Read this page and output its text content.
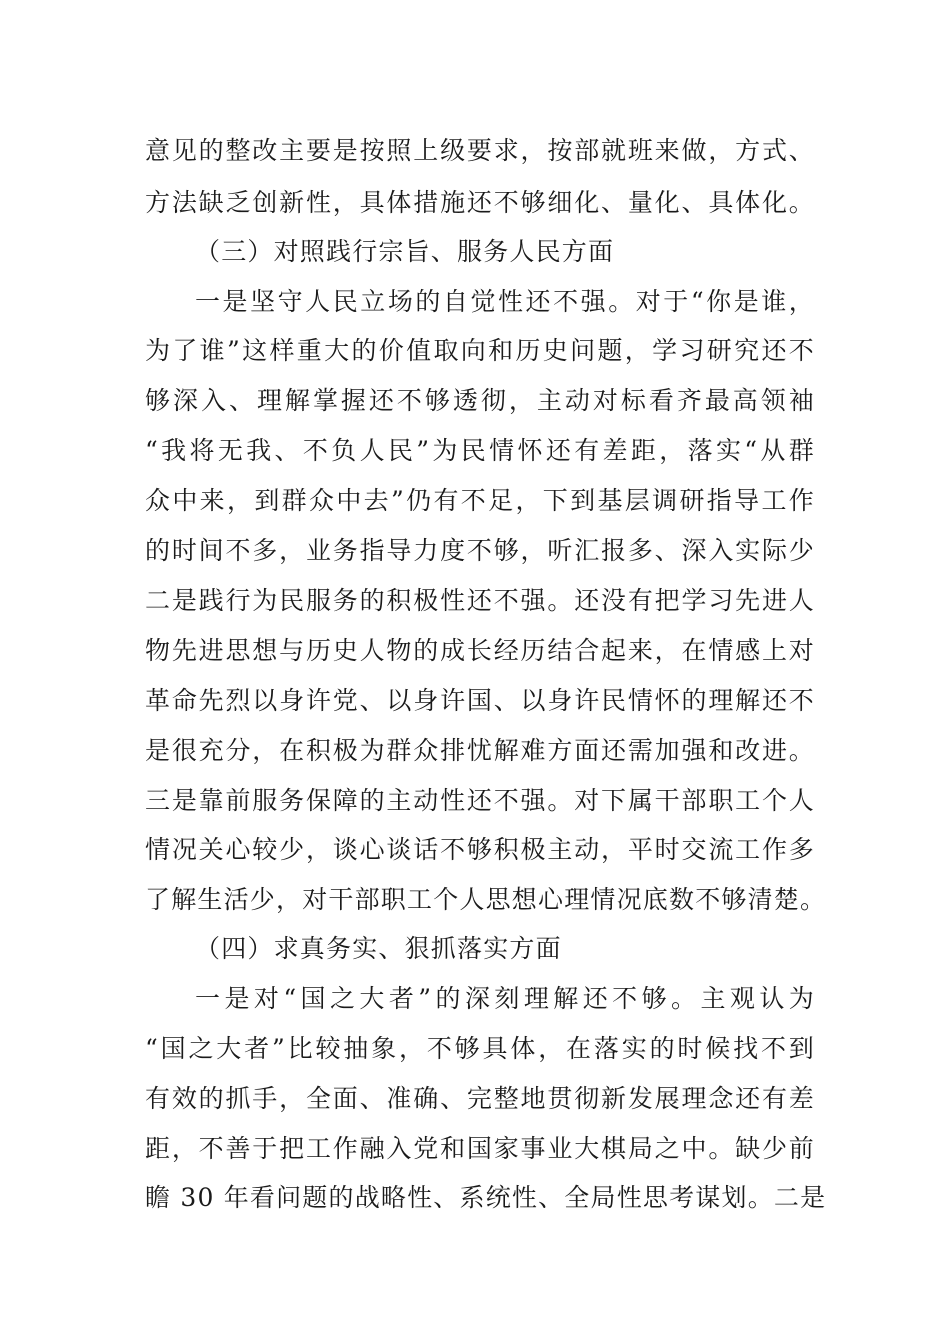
意见的整改主要是按照上级要求，按部就班来做，方式、
方法缺乏创新性，具体措施还不够细化、量化、具体化。
（三）对照践行宗旨、服务人民方面
一是坚守人民立场的自觉性还不强。对于“你是谁，
为了谁”这样重大的价值取向和历史问题，学习研究还不
够深入、理解掌握还不够透彻，主动对标看齐最高领袖
“我将无我、不负人民”为民情怀还有差距，落实“从群
众中来，到群众中去”仍有不足，下到基层调研指导工作
的时间不多，业务指导力度不够，听汇报多、深入实际少
二是践行为民服务的积极性还不强。还没有把学习先进人
物先进思想与历史人物的成长经历结合起来，在情感上对
革命先烈以身许党、以身许国、以身许民情怀的理解还不
是很充分，在积极为群众排忧解难方面还需加强和改进。
三是靠前服务保障的主动性还不强。对下属干部职工个人
情况关心较少，谈心谈话不够积极主动，平时交流工作多
了解生活少，对干部职工个人思想心理情况底数不够清楚。
（四）求真务实、狠抓落实方面
一是对“国之大者”的深刻理解还不够。主观认为
“国之大者”比较抽象，不够具体，在落实的时候找不到
有效的抓手，全面、准确、完整地贯彻新发展理念还有差
距，不善于把工作融入党和国家事业大棋局之中。缺少前
瞻 30 年看问题的战略性、系统性、全局性思考谋划。二是
